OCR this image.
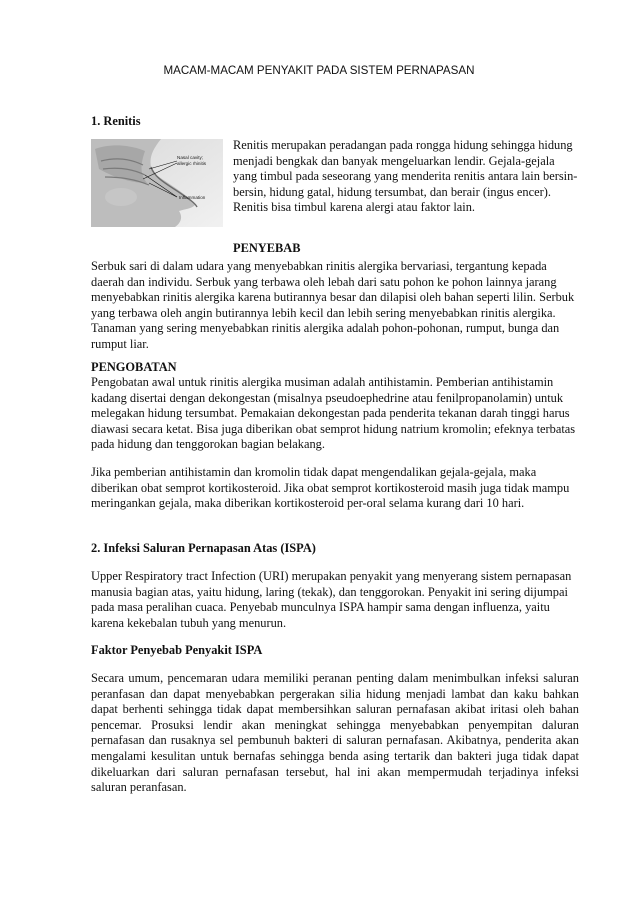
MACAM-MACAM PENYAKIT PADA SISTEM PERNAPASAN

1. Renitis

Nasal cavity;
allergic rhinitis
Inflammation

Renitis merupakan peradangan pada rongga hidung sehingga hidung menjadi bengkak dan banyak mengeluarkan lendir. Gejala-gejala yang timbul pada seseorang yang menderita renitis antara lain bersin-bersin, hidung gatal, hidung tersumbat, dan berair (ingus encer). Renitis bisa timbul karena alergi atau faktor lain.

PENYEBAB

Serbuk sari di dalam udara yang menyebabkan rinitis alergika bervariasi, tergantung kepada daerah dan individu. Serbuk yang terbawa oleh lebah dari satu pohon ke pohon lainnya jarang menyebabkan rinitis alergika karena butirannya besar dan dilapisi oleh bahan seperti lilin. Serbuk yang terbawa oleh angin butirannya lebih kecil dan lebih sering menyebabkan rinitis alergika. Tanaman yang sering menyebabkan rinitis alergika adalah pohon-pohonan, rumput, bunga dan rumput liar.

PENGOBATAN

Pengobatan awal untuk rinitis alergika musiman adalah antihistamin. Pemberian antihistamin kadang disertai dengan dekongestan (misalnya pseudoephedrine atau fenilpropanolamin) untuk melegakan hidung tersumbat. Pemakaian dekongestan pada penderita tekanan darah tinggi harus diawasi secara ketat. Bisa juga diberikan obat semprot hidung natrium kromolin; efeknya terbatas pada hidung dan tenggorokan bagian belakang.

Jika pemberian antihistamin dan kromolin tidak dapat mengendalikan gejala-gejala, maka diberikan obat semprot kortikosteroid. Jika obat semprot kortikosteroid masih juga tidak mampu meringankan gejala, maka diberikan kortikosteroid per-oral selama kurang dari 10 hari.

2. Infeksi Saluran Pernapasan Atas (ISPA)

Upper Respiratory tract Infection (URI) merupakan penyakit yang menyerang sistem pernapasan manusia bagian atas, yaitu hidung, laring (tekak), dan tenggorokan. Penyakit ini sering dijumpai pada masa peralihan cuaca. Penyebab munculnya ISPA hampir sama dengan influenza, yaitu karena kekebalan tubuh yang menurun.

Faktor Penyebab Penyakit ISPA

Secara umum, pencemaran udara memiliki peranan penting dalam menimbulkan infeksi saluran peranfasan dan dapat menyebabkan pergerakan silia hidung menjadi lambat dan kaku bahkan dapat berhenti sehingga tidak dapat membersihkan saluran pernafasan akibat iritasi oleh bahan pencemar. Prosuksi lendir akan meningkat sehingga menyebabkan penyempitan daluran pernafasan dan rusaknya sel pembunuh bakteri di saluran pernafasan. Akibatnya, penderita akan mengalami kesulitan untuk bernafas sehingga benda asing tertarik dan bakteri juga tidak dapat dikeluarkan dari saluran pernafasan tersebut, hal ini akan mempermudah terjadinya infeksi saluran peranfasan.
